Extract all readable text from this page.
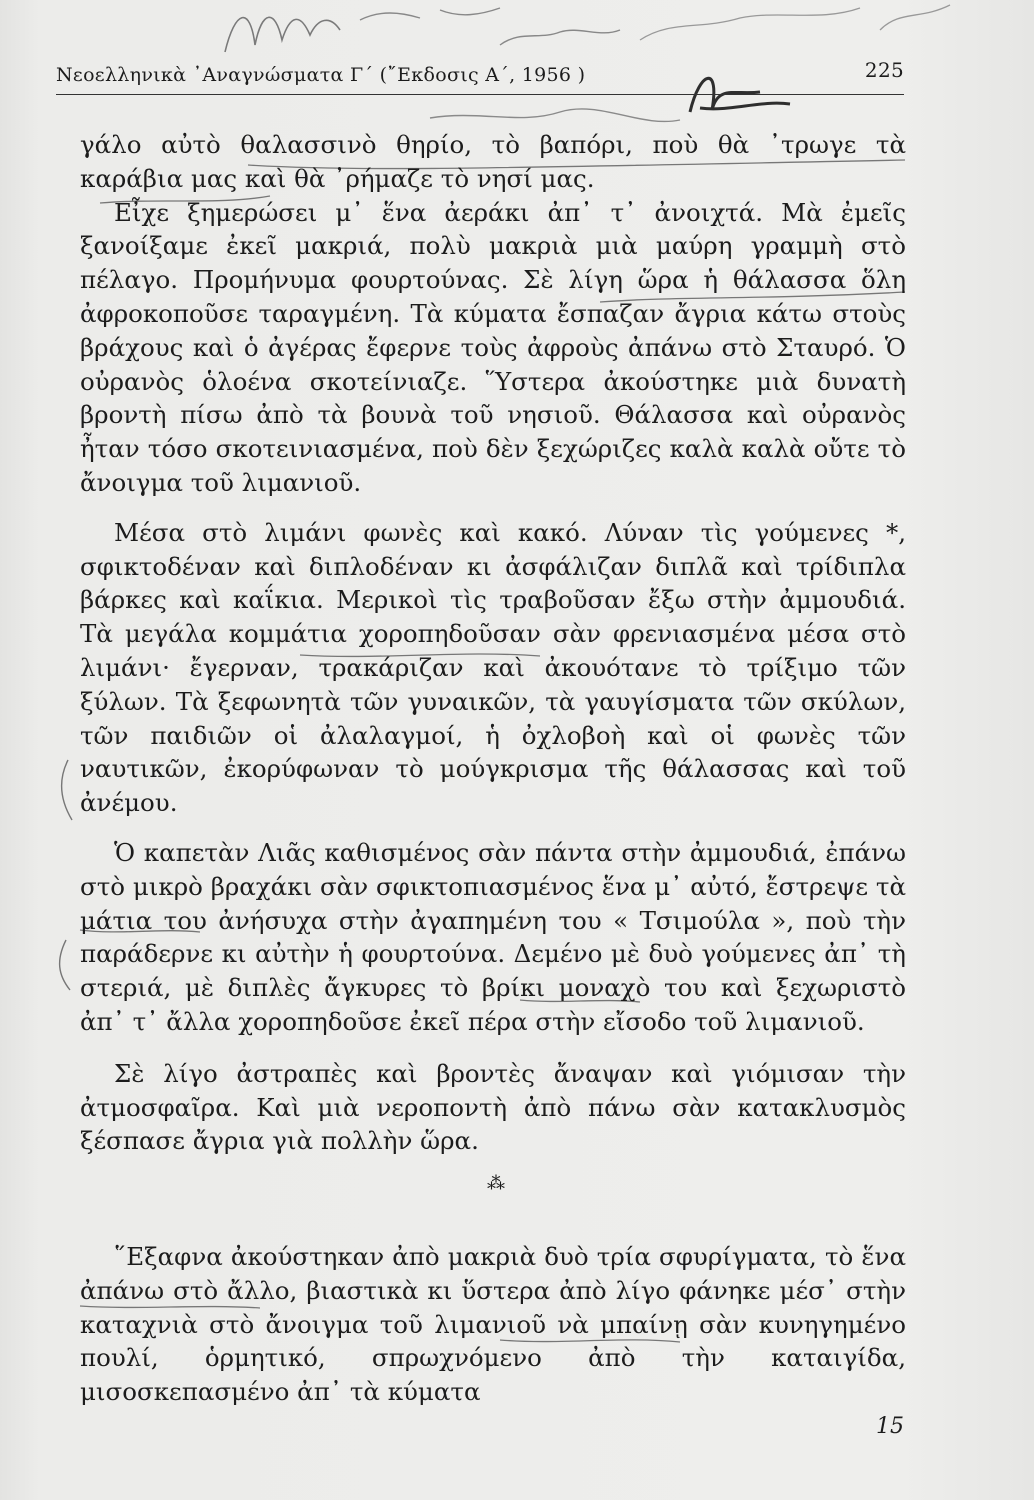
Νεοελληνικὰ ᾿Αναγνώσματα Γ΄ (῎Εκδοσις Α΄, 1956 )	225

γάλο αὐτὸ θαλασσινὸ θηρίο, τὸ βαπόρι, ποὺ θὰ ᾽τρωγε τὰ καράβια μας καὶ θὰ ᾽ρήμαζε τὸ νησί μας.

Εἶχε ξημερώσει μ᾽ ἕνα ἀεράκι ἀπ᾽ τ᾽ ἀνοιχτά. Μὰ ἐμεῖς ξανοίξαμε ἐκεῖ μακριά, πολὺ μακριὰ μιὰ μαύρη γραμμὴ στὸ πέλαγο. Προμήνυμα φουρτούνας. Σὲ λίγη ὥρα ἡ θάλασσα ὅλη ἀφροκοποῦσε ταραγμένη. Τὰ κύματα ἔσπαζαν ἄγρια κάτω στοὺς βράχους καὶ ὁ ἀγέρας ἔφερνε τοὺς ἀφροὺς ἀπάνω στὸ Σταυρό. Ὁ οὐρανὸς ὁλοένα σκοτείνιαζε. Ὕστερα ἀκούστηκε μιὰ δυνατὴ βροντὴ πίσω ἀπὸ τὰ βουνὰ τοῦ νησιοῦ. Θάλασσα καὶ οὐρανὸς ἦταν τόσο σκοτεινιασμένα, ποὺ δὲν ξεχώριζες καλὰ καλὰ οὔτε τὸ ἄνοιγμα τοῦ λιμανιοῦ.

Μέσα στὸ λιμάνι φωνὲς καὶ κακό. Λύναν τὶς γούμενες *, σφικτοδέναν καὶ διπλοδέναν κι ἀσφάλιζαν διπλᾶ καὶ τρίδιπλα βάρκες καὶ καΐκια. Μερικοὶ τὶς τραβοῦσαν ἔξω στὴν ἀμμουδιά. Τὰ μεγάλα κομμάτια χοροπηδοῦσαν σὰν φρενιασμένα μέσα στὸ λιμάνι· ἔγερναν, τρακάριζαν καὶ ἀκουότανε τὸ τρίξιμο τῶν ξύλων. Τὰ ξεφωνητὰ τῶν γυναικῶν, τὰ γαυγίσματα τῶν σκύλων, τῶν παιδιῶν οἱ ἀλαλαγμοί, ἡ ὀχλοβοὴ καὶ οἱ φωνὲς τῶν ναυτικῶν, ἐκορύφωναν τὸ μούγκρισμα τῆς θάλασσας καὶ τοῦ ἀνέμου.

Ὁ καπετὰν Λιᾶς καθισμένος σὰν πάντα στὴν ἀμμουδιά, ἐπάνω στὸ μικρὸ βραχάκι σὰν σφικτοπιασμένος ἕνα μ᾽ αὐτό, ἔστρεψε τὰ μάτια του ἀνήσυχα στὴν ἀγαπημένη του « Τσιμούλα », ποὺ τὴν παράδερνε κι αὐτὴν ἡ φουρτούνα. Δεμένο μὲ δυὸ γούμενες ἀπ᾽ τὴ στεριά, μὲ διπλὲς ἄγκυρες τὸ βρίκι μοναχὸ του καὶ ξεχωριστὸ ἀπ᾽ τ᾽ ἄλλα χοροπηδοῦσε ἐκεῖ πέρα στὴν εἴσοδο τοῦ λιμανιοῦ.

Σὲ λίγο ἀστραπὲς καὶ βροντὲς ἄναψαν καὶ γιόμισαν τὴν ἀτμοσφαῖρα. Καὶ μιὰ νεροποντὴ ἀπὸ πάνω σὰν κατακλυσμὸς ξέσπασε ἄγρια γιὰ πολλὴν ὥρα.

⁂

῞Εξαφνα ἀκούστηκαν ἀπὸ μακριὰ δυὸ τρία σφυρίγματα, τὸ ἕνα ἀπάνω στὸ ἄλλο, βιαστικὰ κι ὕστερα ἀπὸ λίγο φάνηκε μέσ᾽ στὴν καταχνιὰ στὸ ἄνοιγμα τοῦ λιμανιοῦ νὰ μπαίνῃ σὰν κυνηγημένο πουλί, ὁρμητικό, σπρωχνόμενο ἀπὸ τὴν καταιγίδα, μισοσκεπασμένο ἀπ᾽ τὰ κύματα

15
